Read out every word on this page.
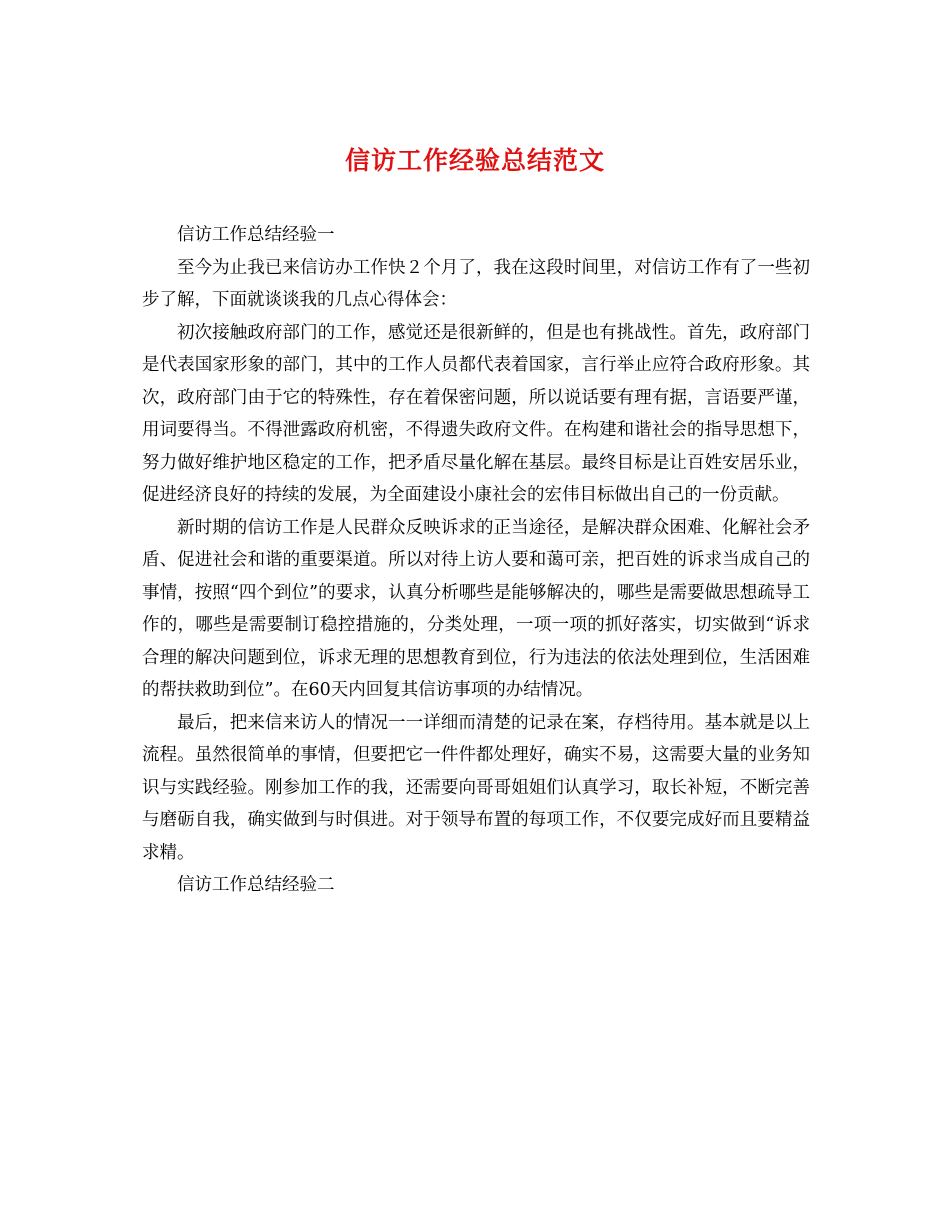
信访工作经验总结范文

信访工作总结经验一

至今为止我已来信访办工作快２个月了，我在这段时间里，对信访工作有了一些初步了解，下面就谈谈我的几点心得体会：

初次接触政府部门的工作，感觉还是很新鲜的，但是也有挑战性。首先，政府部门是代表国家形象的部门，其中的工作人员都代表着国家，言行举止应符合政府形象。其次，政府部门由于它的特殊性，存在着保密问题，所以说话要有理有据，言语要严谨，用词要得当。不得泄露政府机密，不得遗失政府文件。在构建和谐社会的指导思想下，努力做好维护地区稳定的工作，把矛盾尽量化解在基层。最终目标是让百姓安居乐业，促进经济良好的持续的发展，为全面建设小康社会的宏伟目标做出自己的一份贡献。

新时期的信访工作是人民群众反映诉求的正当途径，是解决群众困难、化解社会矛盾、促进社会和谐的重要渠道。所以对待上访人要和蔼可亲，把百姓的诉求当成自己的事情，按照“四个到位”的要求，认真分析哪些是能够解决的，哪些是需要做思想疏导工作的，哪些是需要制订稳控措施的，分类处理，一项一项的抓好落实，切实做到“诉求合理的解决问题到位，诉求无理的思想教育到位，行为违法的依法处理到位，生活困难的帮扶救助到位”。在60天内回复其信访事项的办结情况。

最后，把来信来访人的情况一一详细而清楚的记录在案，存档待用。基本就是以上流程。虽然很简单的事情，但要把它一件件都处理好，确实不易，这需要大量的业务知识与实践经验。刚参加工作的我，还需要向哥哥姐姐们认真学习，取长补短，不断完善与磨砺自我，确实做到与时俱进。对于领导布置的每项工作，不仅要完成好而且要精益求精。

信访工作总结经验二
